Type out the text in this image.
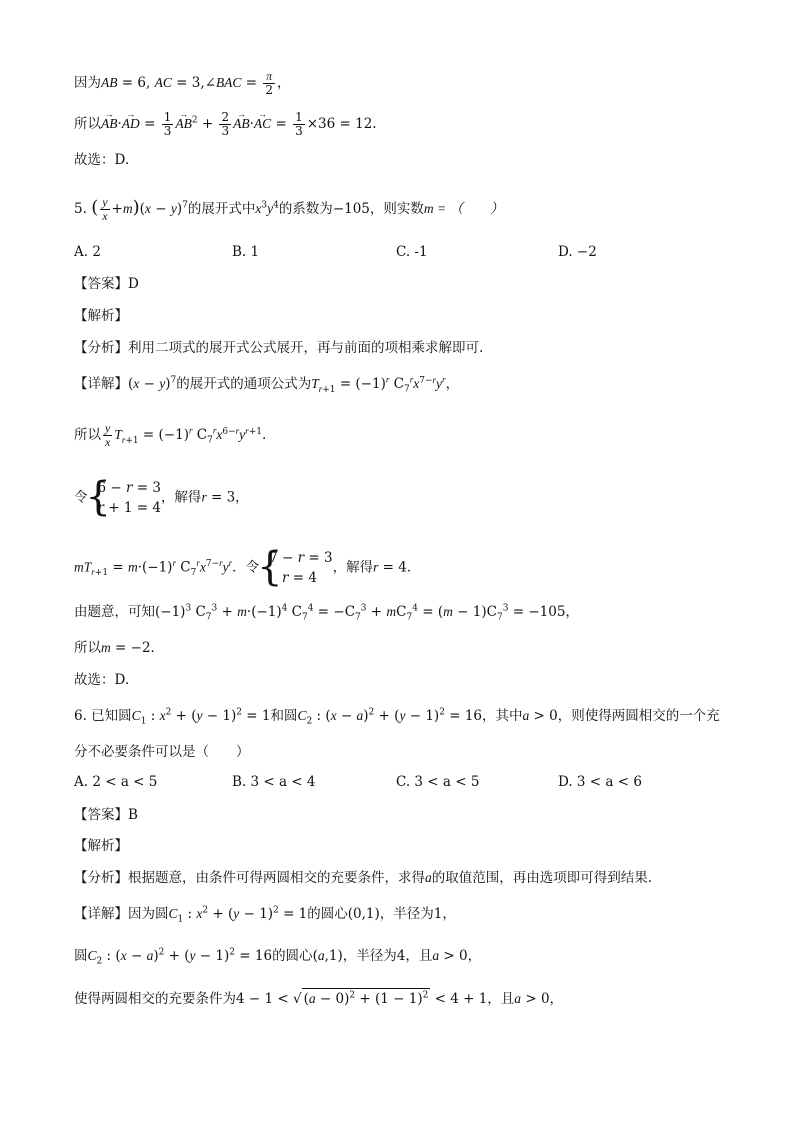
因为AB = 6, AC = 3,∠BAC = $\frac{\pi}{2}$ ，
所以→ AB·→ AD = $\frac{1}{3}$
→ $AB^2 + \frac{2}{3}$
→ AB·→ AC = $\frac{1}{3} \times 36 = 12$.
故选：D.
5. ( $\frac{y}{x} +m)(x - y)^7$的展开式中$x^3y^4$的系数为−105，则实数m = （　　）
A. 2	B. 1	C. -1	D. −2
【答案】D
【解析】
【分析】利用二项式的展开式公式展开，再与前面的项相乘求解即可.
【详解】$(x - y)^7$的展开式的通项公式为$T_{r+1} = (-1)^r$ $C_7^rx^{7-r}y^r$，
所以 $\frac{y}{x} T_{r+1} = (-1)^r$ $C_7^rx^{6-r}y^{r+1}$.
令
{ 6 − r = 3
r + 1 = 4
，解得r = 3，
$mT_{r+1} = m\cdot(-1)^r$ $C_7^rx^{7-r}y^r$．令
{ 7 − r = 3
r = 4
，解得r = 4．
由题意，可知$(-1)^3$ $C_7^3 + m\cdot(-1)^4$ $C_7^4 = -C_7^3 + mC_7^4 = (m - 1)C_7^3 = -105$，
所以m = −2．
故选：D.
6. 已知圆$C_1$ : $x^2 + (y - 1)^2 = 1$和圆$C_2$ : $(x - a)^2 + (y - 1)^2 = 16$，其中a > 0，则使得两圆相交的一个充
分不必要条件可以是（　　）
A. 2 < a < 5	B. 3 < a < 4	C. 3 < a < 5	D. 3 < a < 6
【答案】B
【解析】
【分析】根据题意，由条件可得两圆相交的充要条件，求得a的取值范围，再由选项即可得到结果.
【详解】因为圆$C_1$ : $x^2 + (y - 1)^2 = 1$的圆心(0,1)，半径为1，
圆$C_2$ : $(x - a)^2 + (y - 1)^2 = 16$的圆心(a,1)，半径为4，且a > 0，
使得两圆相交的充要条件为4 − 1 < √ $(a - 0)^2 + (1 - 1)^2 < 4 + 1$，且a > 0，
